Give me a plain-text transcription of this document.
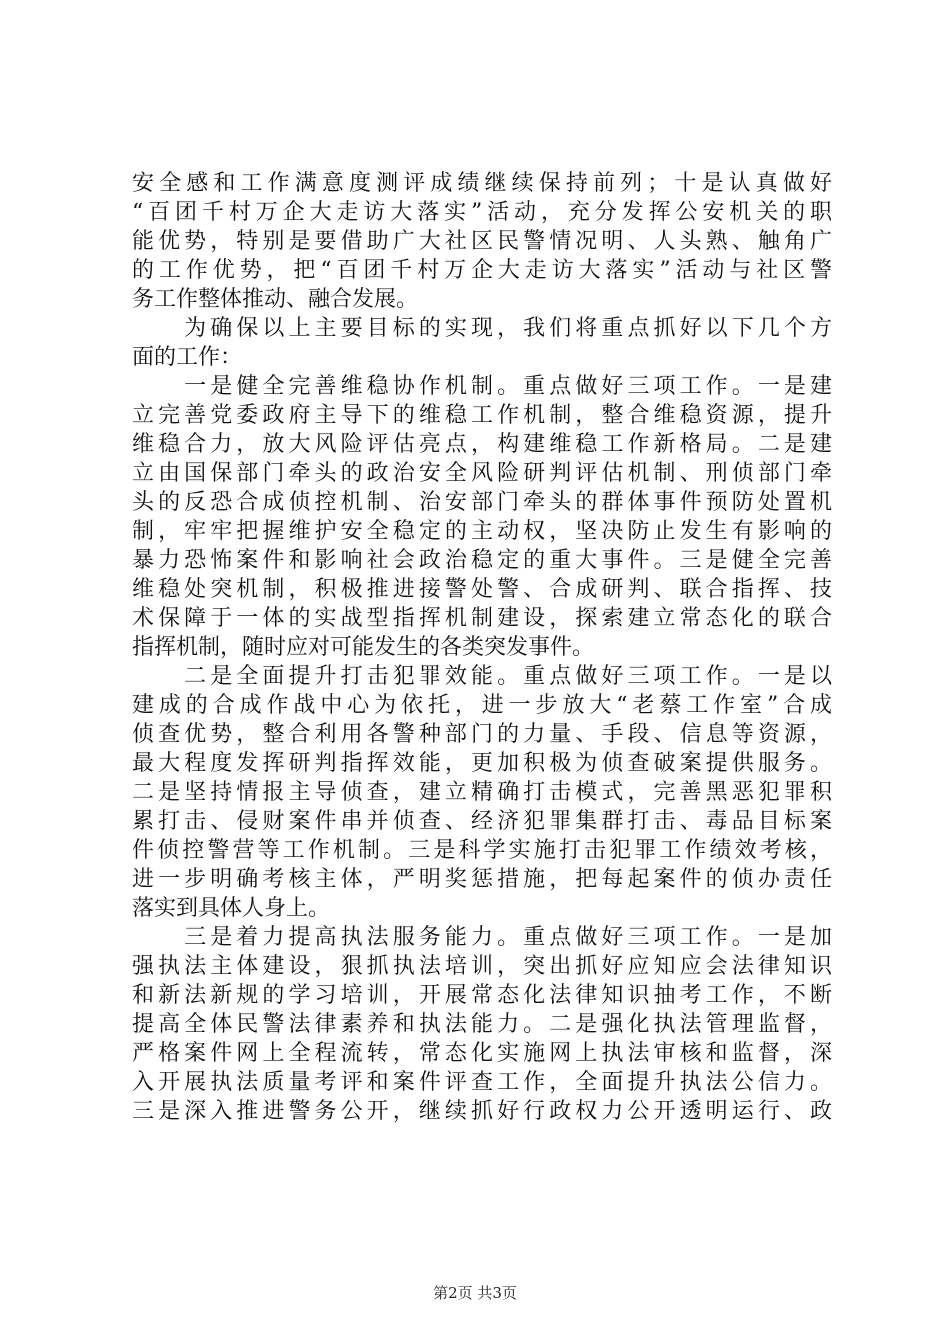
安全感和工作满意度测评成绩继续保持前列；十是认真做好
“百团千村万企大走访大落实”活动，充分发挥公安机关的职
能优势，特别是要借助广大社区民警情况明、人头熟、触角广
的工作优势，把“百团千村万企大走访大落实”活动与社区警
务工作整体推动、融合发展。
　　为确保以上主要目标的实现，我们将重点抓好以下几个方
面的工作：
　　一是健全完善维稳协作机制。重点做好三项工作。一是建
立完善党委政府主导下的维稳工作机制，整合维稳资源，提升
维稳合力，放大风险评估亮点，构建维稳工作新格局。二是建
立由国保部门牵头的政治安全风险研判评估机制、刑侦部门牵
头的反恐合成侦控机制、治安部门牵头的群体事件预防处置机
制，牢牢把握维护安全稳定的主动权，坚决防止发生有影响的
暴力恐怖案件和影响社会政治稳定的重大事件。三是健全完善
维稳处突机制，积极推进接警处警、合成研判、联合指挥、技
术保障于一体的实战型指挥机制建设，探索建立常态化的联合
指挥机制，随时应对可能发生的各类突发事件。
　　二是全面提升打击犯罪效能。重点做好三项工作。一是以
建成的合成作战中心为依托，进一步放大“老蔡工作室”合成
侦查优势，整合利用各警种部门的力量、手段、信息等资源，
最大程度发挥研判指挥效能，更加积极为侦查破案提供服务。
二是坚持情报主导侦查，建立精确打击模式，完善黑恶犯罪积
累打击、侵财案件串并侦查、经济犯罪集群打击、毒品目标案
件侦控警营等工作机制。三是科学实施打击犯罪工作绩效考核，
进一步明确考核主体，严明奖惩措施，把每起案件的侦办责任
落实到具体人身上。
　　三是着力提高执法服务能力。重点做好三项工作。一是加
强执法主体建设，狠抓执法培训，突出抓好应知应会法律知识
和新法新规的学习培训，开展常态化法律知识抽考工作，不断
提高全体民警法律素养和执法能力。二是强化执法管理监督，
严格案件网上全程流转，常态化实施网上执法审核和监督，深
入开展执法质量考评和案件评查工作，全面提升执法公信力。
三是深入推进警务公开，继续抓好行政权力公开透明运行、政
第2页 共3页
